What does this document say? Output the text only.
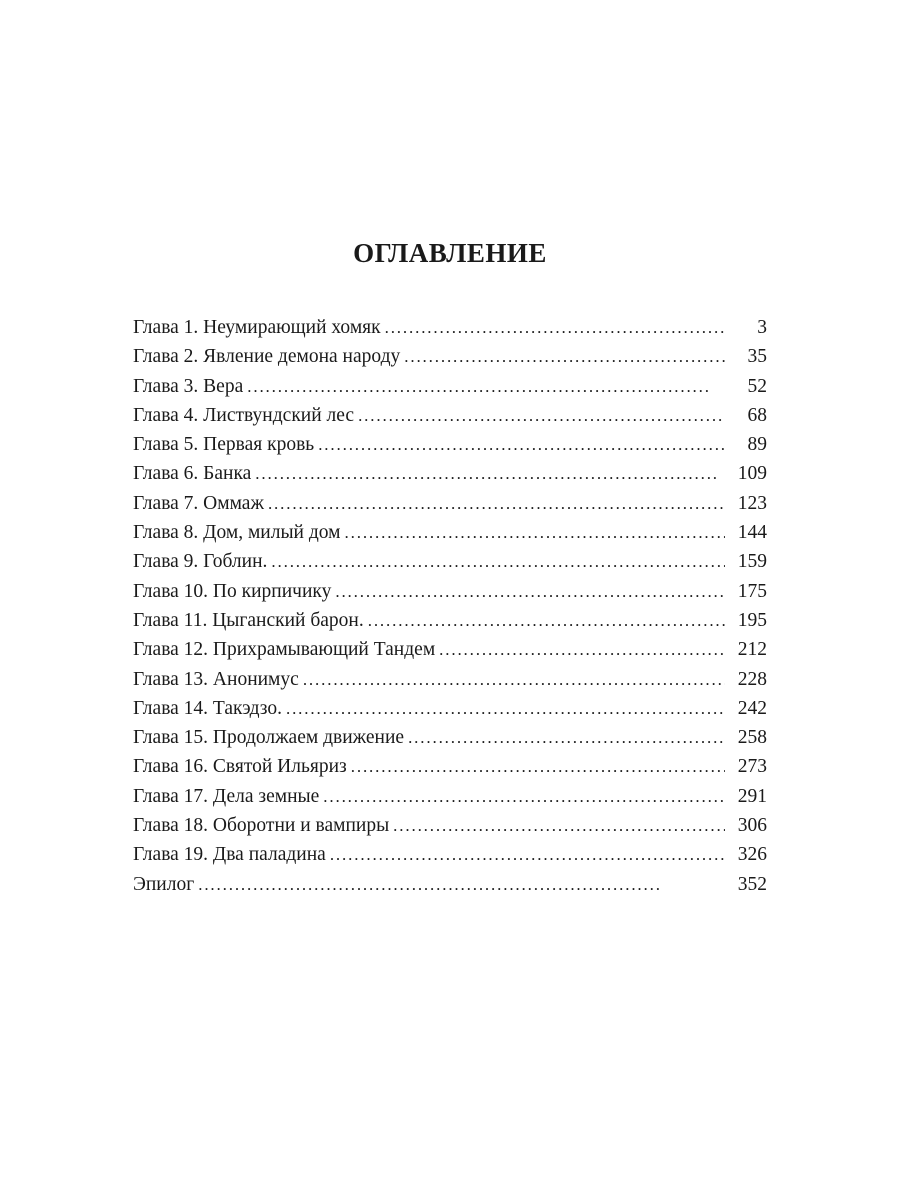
ОГЛАВЛЕНИЕ
Глава 1. Неумирающий хомяк . . .	3
Глава 2. Явление демона народу . . .	35
Глава 3. Вера . . .	52
Глава 4. Листвундский лес . . .	68
Глава 5. Первая кровь . . .	89
Глава 6. Банка . . .	109
Глава 7. Оммаж . . .	123
Глава 8. Дом, милый дом . . .	144
Глава 9. Гоблин. . . .	159
Глава 10. По кирпичику . . .	175
Глава 11. Цыганский барон. . . .	195
Глава 12. Прихрамывающий Тандем . . .	212
Глава 13. Анонимус . . .	228
Глава 14. Такэдзо. . . .	242
Глава 15. Продолжаем движение . . .	258
Глава 16. Святой Ильяриз . . .	273
Глава 17. Дела земные . . .	291
Глава 18. Оборотни и вампиры . . .	306
Глава 19. Два паладина . . .	326
Эпилог . . .	352
